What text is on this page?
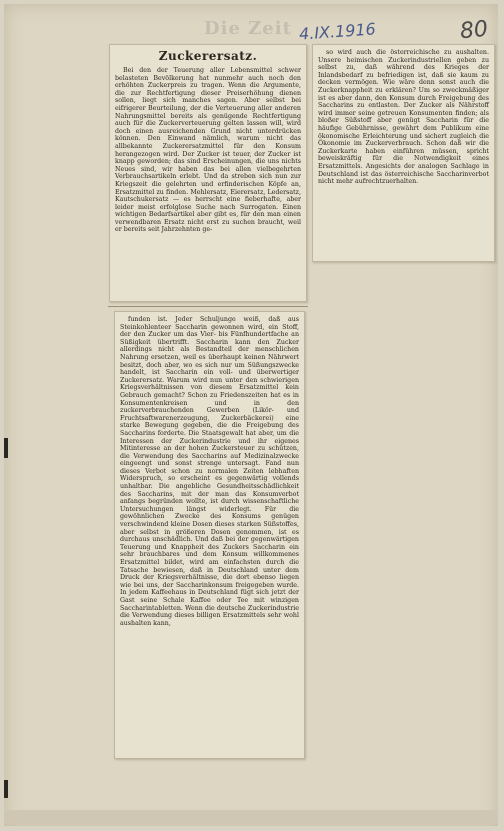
Die Zeit 4.IX.1916	80
Zuckerersatz.
Bei den der Teuerung aller Lebensmittel schwer belasteten Bevölkerung hat nunmehr auch noch den erhöhten Zuckerpreis zu tragen. Wenn die Argumente, die zur Rechtfertigung dieser Preiserhöhung dienen sollen, liegt sich manches sagen. Aber selbst bei eifrigerer Beurteilung, der die Verteuerung aller anderen Nahrungsmittel bereits als genügende Rechtfertigung auch für die Zuckerverteuerung gelten lassen will, wird doch einen ausreichenden Grund nicht unterdrücken können. Den Einwand nämlich, warum nicht das allbekannte Zuckerersatzmittel für den Konsum herangezogen wird. Der Zucker ist teuer, der Zucker ist knapp geworden; das sind Erscheinungen, die uns nichts Neues sind, wir haben das bei allen vielbegehrten Verbrauchsartikeln erlebt. Und da streben sich nun zur Kriegszeit die gelehrten und erfinderischen Köpfe an, Ersatzmittel zu finden. Mehlersatz, Eierersatz, Ledersatz, Kautschukersatz — es herrscht eine fieberhafte, aber leider meist erfolglose Suche nach Surrogaten. Einen wichtigen Bedarfsartikel aber gibt es, für den man einen verwendbaren Ersatz nicht erst zu suchen braucht, weil er bereits seit Jahrzehnten ge-
so wird auch die österreichische zu aushalten. Unsere heimischen Zuckerindustriellen geben zu selbst zu, daß während des Krieges der Inlandsbedarf zu befriedigen ist, daß sie kaum zu decken vermögen. Wie wäre denn sonst auch die Zuckerknappheit zu erklären? Um so zweckmäßiger ist es aber dann, den Konsum durch Freigebung des Saccharins zu entlasten. Der Zucker als Nährstoff wird immer seine getreuen Konsumenten finden; als bloßer Süßstoff aber genügt Saccharin für die häufige Gebührnisse, gewährt dem Publikum eine ökonomische Erleichterung und sichert zugleich die Ökonomie im Zuckerverbrauch. Schon daß wir die Zuckerkarte haben einführen müssen, spricht beweiskräftig für die Notwendigkeit eines Ersatzmittels. Angesichts der analogen Sachlage in Deutschland ist das österreichische Saccharinverbot nicht mehr aufrechtzuerhalten.
funden ist. Jeder Schuljunge weiß, daß aus Steinkohlenteer Saccharin gewonnen wird, ein Stoff, der den Zucker um das Vier- bis Fünfhundertfache an Süßigkeit übertrifft. Saccharin kann den Zucker allerdings nicht als Bestandteil der menschlichen Nahrung ersetzen, weil es überhaupt keinen Nährwert besitzt, doch aber, wo es sich nur um Süßungszwecke handelt, ist Saccharin ein voll- und überwertiger Zuckerersatz. Warum wird nun unter den schwierigen Kriegsverhältnissen von diesem Ersatzmittel kein Gebrauch gemacht? Schon zu Friedenszeiten hat es in Konsumentenkreisen und in den zuckerverbrauchenden Gewerben (Likör- und Fruchtsaftwarenerzeugung, Zuckerbäckerei) eine starke Bewegung gegeben, die die Freigebung des Saccharins forderte. Die Staatsgewalt hat aber, um die Interessen der Zuckerindustrie und ihr eigenes Mitinteresse an der hohen Zuckersteuer zu schützen, die Verwendung des Saccharins auf Medizinalzwecke eingeengt und sonst strenge untersagt. Fand nun dieses Verbot schon zu normalen Zeiten lebhaften Widerspruch, so erscheint es gegenwärtig vollends unhaltbar. Die angebliche Gesundheitsschädlichkeit des Saccharins, mit der man das Konsumverbot anfangs begründen wollte, ist durch wissenschaftliche Untersuchungen längst widerlegt. Für die gewöhnlichen Zwecke des Konsums genügen verschwindend kleine Dosen dieses starken Süßstoffes, aber selbst in größeren Dosen genommen, ist es durchaus unschädlich. Und daß bei der gegenwärtigen Teuerung und Knappheit des Zuckers Saccharin ein sehr brauchbares und dem Konsum willkommenes Ersatzmittel bildet, wird am einfachsten durch die Tatsache bewiesen, daß in Deutschland unter dem Druck der Kriegsverhältnisse, die dort ebenso liegen wie bei uns, der Saccharinkonsum freigegeben wurde. In jedem Kaffeehaus in Deutschland fügt sich jetzt der Gast seine Schale Kaffee oder Tee mit winzigen Saccharintabletten. Wenn die deutsche Zuckerindustrie die Verwendung dieses billigen Ersatzmittels sehr wohl aushalten kann,
